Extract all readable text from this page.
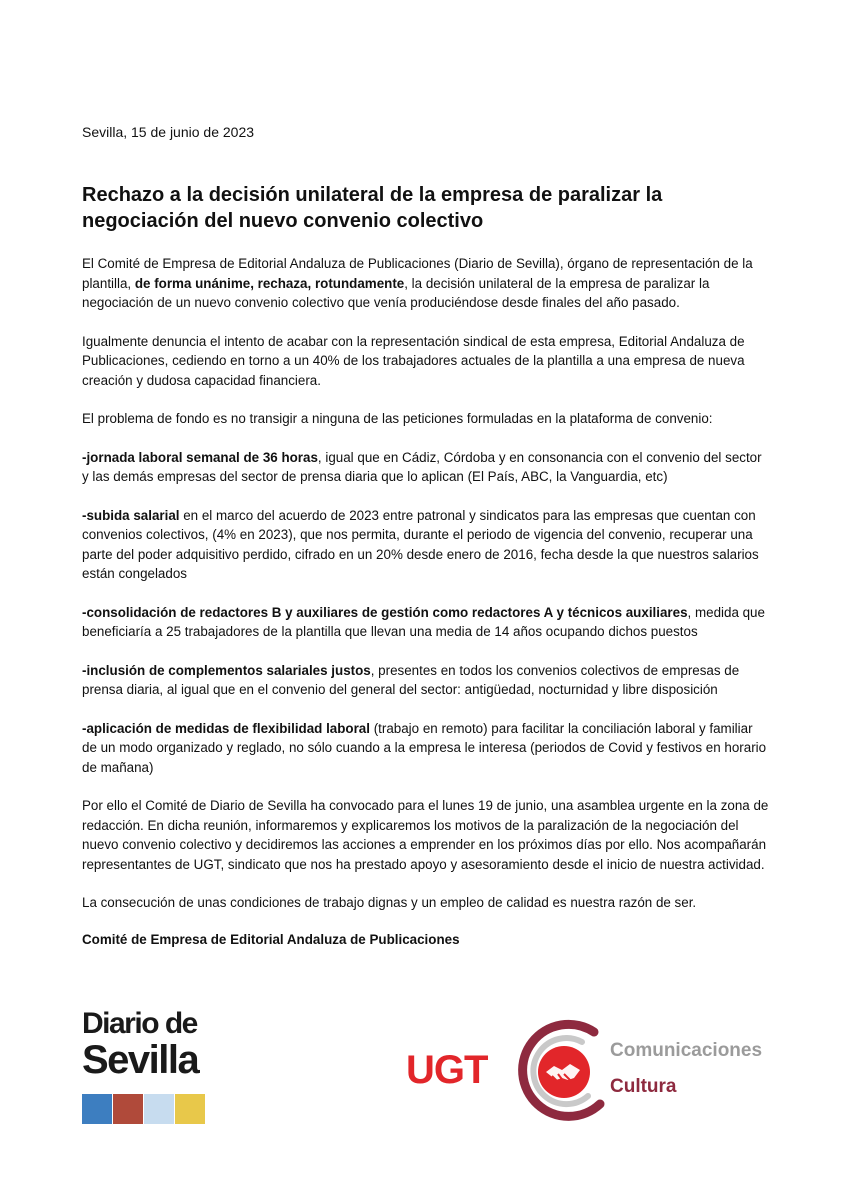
Sevilla, 15 de junio de 2023
Rechazo a la decisión unilateral de la empresa de paralizar la negociación del nuevo convenio colectivo

El Comité de Empresa de Editorial Andaluza de Publicaciones (Diario de Sevilla), órgano de representación de la plantilla, de forma unánime, rechaza, rotundamente, la decisión unilateral de la empresa de paralizar la negociación de un nuevo convenio colectivo que venía produciéndose desde finales del año pasado.

Igualmente denuncia el intento de acabar con la representación sindical de esta empresa, Editorial Andaluza de Publicaciones, cediendo en torno a un 40% de los trabajadores actuales de la plantilla a una empresa de nueva creación y dudosa capacidad financiera.

El problema de fondo es no transigir a ninguna de las peticiones formuladas en la plataforma de convenio:

-jornada laboral semanal de 36 horas, igual que en Cádiz, Córdoba y en consonancia con el convenio del sector y las demás empresas del sector de prensa diaria que lo aplican (El País, ABC, la Vanguardia, etc)

-subida salarial en el marco del acuerdo de 2023 entre patronal y sindicatos para las empresas que cuentan con convenios colectivos, (4% en 2023), que nos permita, durante el periodo de vigencia del convenio, recuperar una parte del poder adquisitivo perdido, cifrado en un 20% desde enero de 2016, fecha desde la que nuestros salarios están congelados

-consolidación de redactores B y auxiliares de gestión como redactores A y técnicos auxiliares, medida que beneficiaría a 25 trabajadores de la plantilla que llevan una media de 14 años ocupando dichos puestos

-inclusión de complementos salariales justos, presentes en todos los convenios colectivos de empresas de prensa diaria, al igual que en el convenio del general del sector: antigüedad, nocturnidad y libre disposición

-aplicación de medidas de flexibilidad laboral (trabajo en remoto) para facilitar la conciliación laboral y familiar de un modo organizado y reglado, no sólo cuando a la empresa le interesa (periodos de Covid y festivos en horario de mañana)

Por ello el Comité de Diario de Sevilla ha convocado para el lunes 19 de junio, una asamblea urgente en la zona de redacción. En dicha reunión, informaremos y explicaremos los motivos de la paralización de la negociación del nuevo convenio colectivo y decidiremos las acciones a emprender en los próximos días por ello. Nos acompañarán representantes de UGT, sindicato que nos ha prestado apoyo y asesoramiento desde el inicio de nuestra actividad.

La consecución de unas condiciones de trabajo dignas y un empleo de calidad es nuestra razón de ser.

Comité de Empresa de Editorial Andaluza de Publicaciones

Diario de
Sevilla	UGT	Comunicaciones
Cultura
